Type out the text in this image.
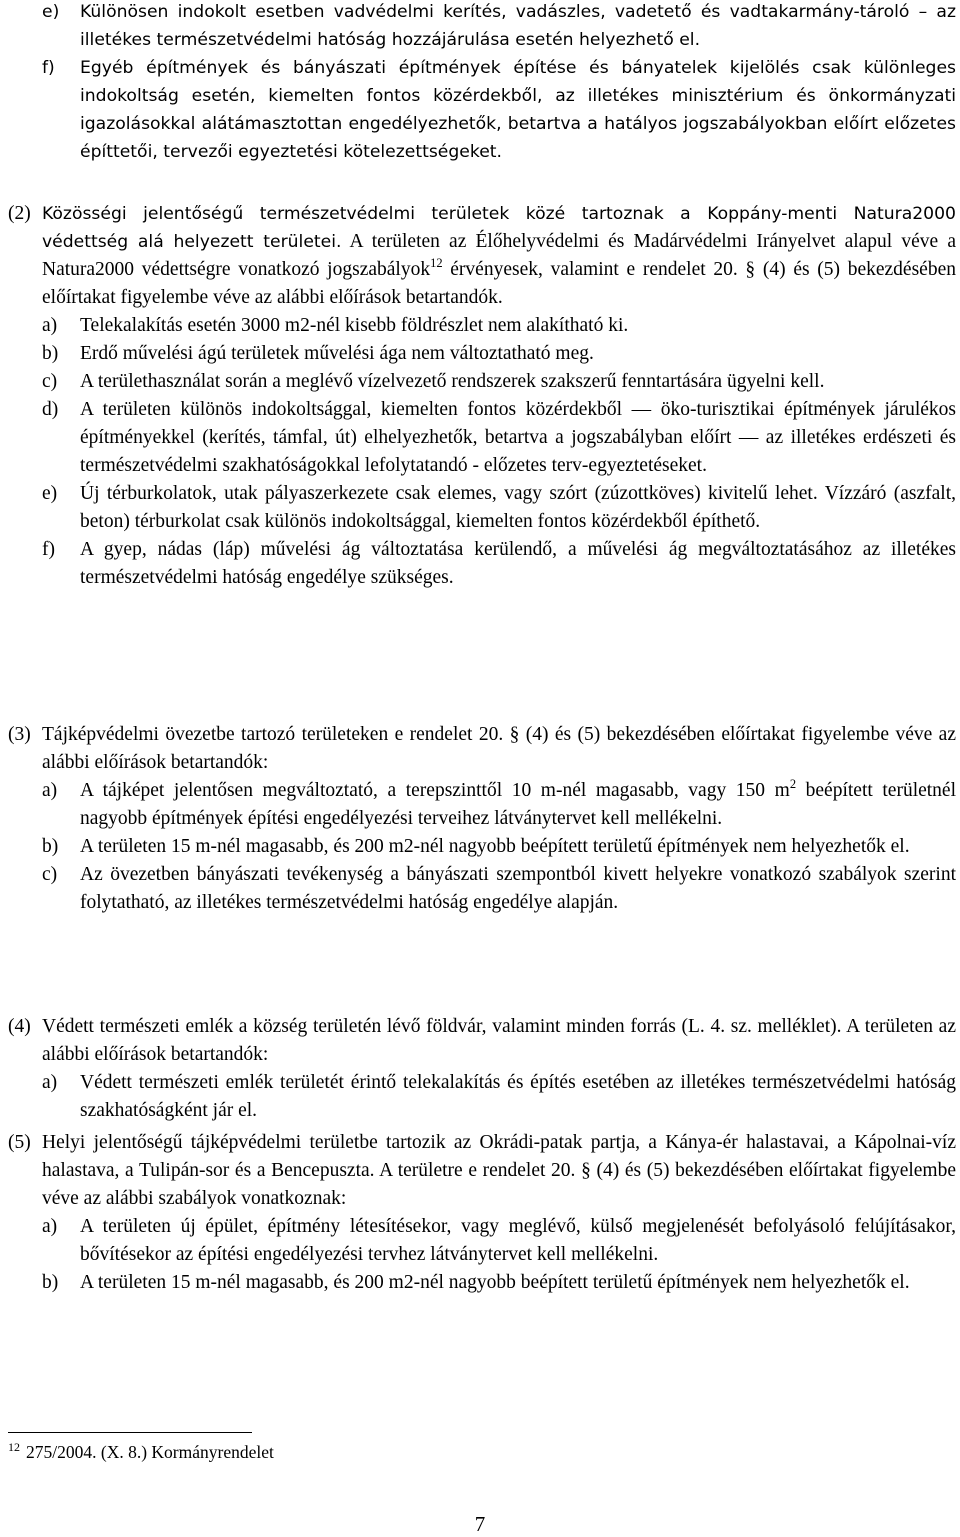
e)	Különösen indokolt esetben vadvédelmi kerítés, vadászles, vadetető és vadtakarmány-tároló – az illetékes természetvédelmi hatóság hozzájárulása esetén helyezhető el.
f)	Egyéb építmények és bányászati építmények építése és bányatelek kijelölés csak különleges indokoltság esetén, kiemelten fontos közérdekből, az illetékes minisztérium és önkormányzati igazolásokkal alátámasztottan engedélyezhetők, betartva a hatályos jogszabályokban előírt előzetes építtetői, tervezői egyeztetési kötelezettségeket.
(2) Közösségi jelentőségű természetvédelmi területek közé tartoznak a Koppány-menti Natura2000 védettség alá helyezett területei. A területen az Élőhelyvédelmi és Madárvédelmi Irányelvet alapul véve a Natura2000 védettségre vonatkozó jogszabályok$^{12}$ érvényesek, valamint e rendelet 20. § (4) és (5) bekezdésében előírtakat figyelembe véve az alábbi előírások betartandók.
a)	Telekalakítás esetén 3000 m2-nél kisebb földrészlet nem alakítható ki.
b)	Erdő művelési ágú területek művelési ága nem változtatható meg.
c)	A területhasználat során a meglévő vízelvezető rendszerek szakszerű fenntartására ügyelni kell.
d)	A területen különös indokoltsággal, kiemelten fontos közérdekből — öko-turisztikai építmények járulékos építményekkel (kerítés, támfal, út) elhelyezhetők, betartva a jogszabályban előírt — az illetékes erdészeti és természetvédelmi szakhatóságokkal lefolytatandó - előzetes terv-egyeztetéseket.
e)	Új térburkolatok, utak pályaszerkezete csak elemes, vagy szórt (zúzottköves) kivitelű lehet. Vízzáró (aszfalt, beton) térburkolat csak különös indokoltsággal, kiemelten fontos közérdekből építhető.
f)	A gyep, nádas (láp) művelési ág változtatása kerülendő, a művelési ág megváltoztatásához az illetékes természetvédelmi hatóság engedélye szükséges.
(3) Tájképvédelmi övezetbe tartozó területeken e rendelet 20. § (4) és (5) bekezdésében előírtakat figyelembe véve az alábbi előírások betartandók:
a)	A tájképet jelentősen megváltoztató, a terepszinttől 10 m-nél magasabb, vagy 150 $m^2$ beépített területnél nagyobb építmények építési engedélyezési terveihez látványtervet kell mellékelni.
b)	A területen 15 m-nél magasabb, és 200 m2-nél nagyobb beépített területű építmények nem helyezhetők el.
c)	Az övezetben bányászati tevékenység a bányászati szempontból kivett helyekre vonatkozó szabályok szerint folytatható, az illetékes természetvédelmi hatóság engedélye alapján.
(4) Védett természeti emlék a község területén lévő földvár, valamint minden forrás (L. 4. sz. melléklet). A területen az alábbi előírások betartandók:
a)	Védett természeti emlék területét érintő telekalakítás és építés esetében az illetékes természetvédelmi hatóság szakhatóságként jár el.
(5) Helyi jelentőségű tájképvédelmi területbe tartozik az Okrádi-patak partja, a Kánya-ér halastavai, a Kápolnai-víz halastava, a Tulipán-sor és a Bencepuszta. A területre e rendelet 20. § (4) és (5) bekezdésében előírtakat figyelembe véve az alábbi szabályok vonatkoznak:
a)	A területen új épület, építmény létesítésekor, vagy meglévő, külső megjelenését befolyásoló felújításakor, bővítésekor az építési engedélyezési tervhez látványtervet kell mellékelni.
b)	A területen 15 m-nél magasabb, és 200 m2-nél nagyobb beépített területű építmények nem helyezhetők el.
$^{12}$ 275/2004. (X. 8.) Kormányrendelet
7
